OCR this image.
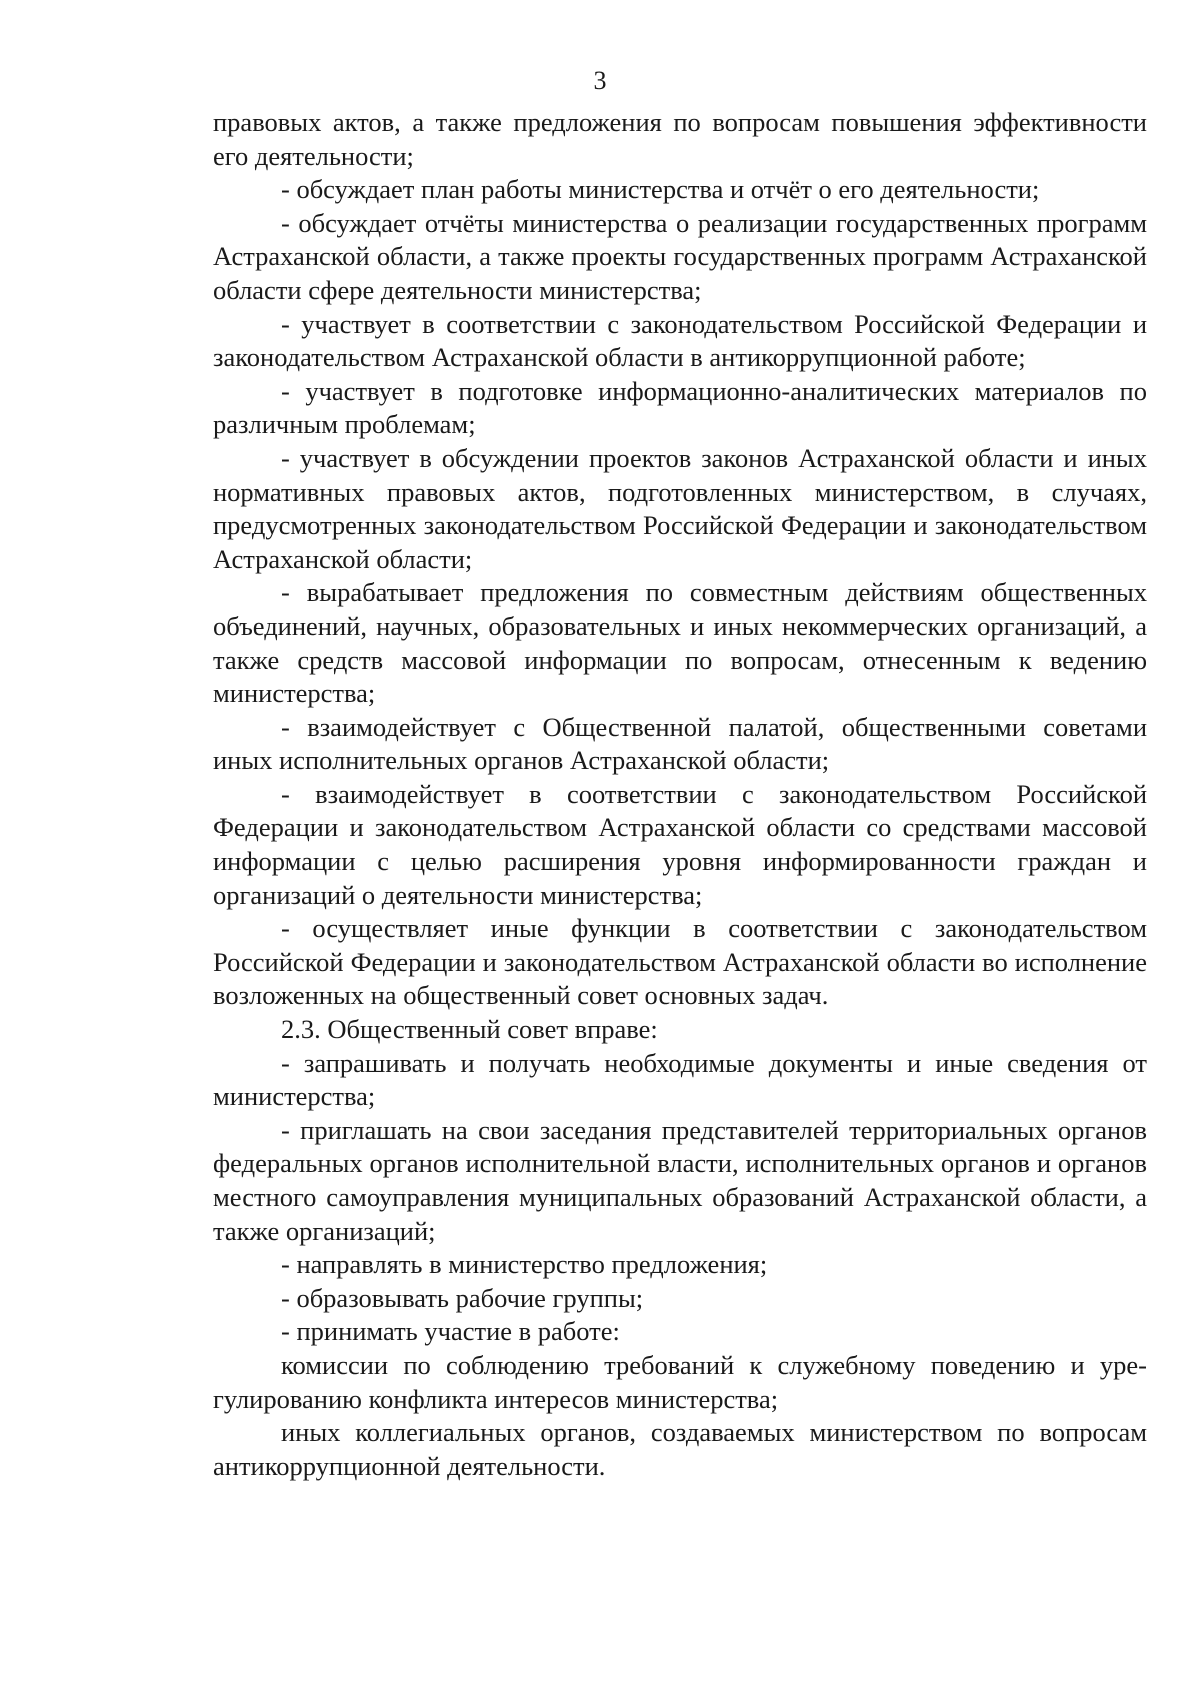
3

правовых актов, а также предложения по вопросам повышения эффективности его деятельности;

- обсуждает план работы министерства и отчёт о его деятельности;

- обсуждает отчёты министерства о реализации государственных программ Астраханской области, а также проекты государственных программ Астраханской области сфере деятельности министерства;

- участвует в соответствии с законодательством Российской Федерации и законодательством Астраханской области в антикоррупционной работе;

- участвует в подготовке информационно-аналитических материалов по различным проблемам;

- участвует в обсуждении проектов законов Астраханской области и иных нормативных правовых актов, подготовленных министерством, в случаях, предусмотренных законодательством Российской Федерации и законодательством Астраханской области;

- вырабатывает предложения по совместным действиям общественных объединений, научных, образовательных и иных некоммерческих организаций, а также средств массовой информации по вопросам, отнесенным к ведению министерства;

- взаимодействует с Общественной палатой, общественными советами иных исполнительных органов Астраханской области;

- взаимодействует в соответствии с законодательством Российской Федерации и законодательством Астраханской области со средствами массовой информации с целью расширения уровня информированности граждан и организаций о деятельности министерства;

- осуществляет иные функции в соответствии с законодательством Российской Федерации и законодательством Астраханской области во исполнение возложенных на общественный совет основных задач.

2.3. Общественный совет вправе:

- запрашивать и получать необходимые документы и иные сведения от министерства;

- приглашать на свои заседания представителей территориальных органов федеральных органов исполнительной власти, исполнительных органов и органов местного самоуправления муниципальных образований Астраханской области, а также организаций;

- направлять в министерство предложения;

- образовывать рабочие группы;

- принимать участие в работе:

комиссии по соблюдению требований к служебному поведению и урегулированию конфликта интересов министерства;

иных коллегиальных органов, создаваемых министерством по вопросам антикоррупционной деятельности.
